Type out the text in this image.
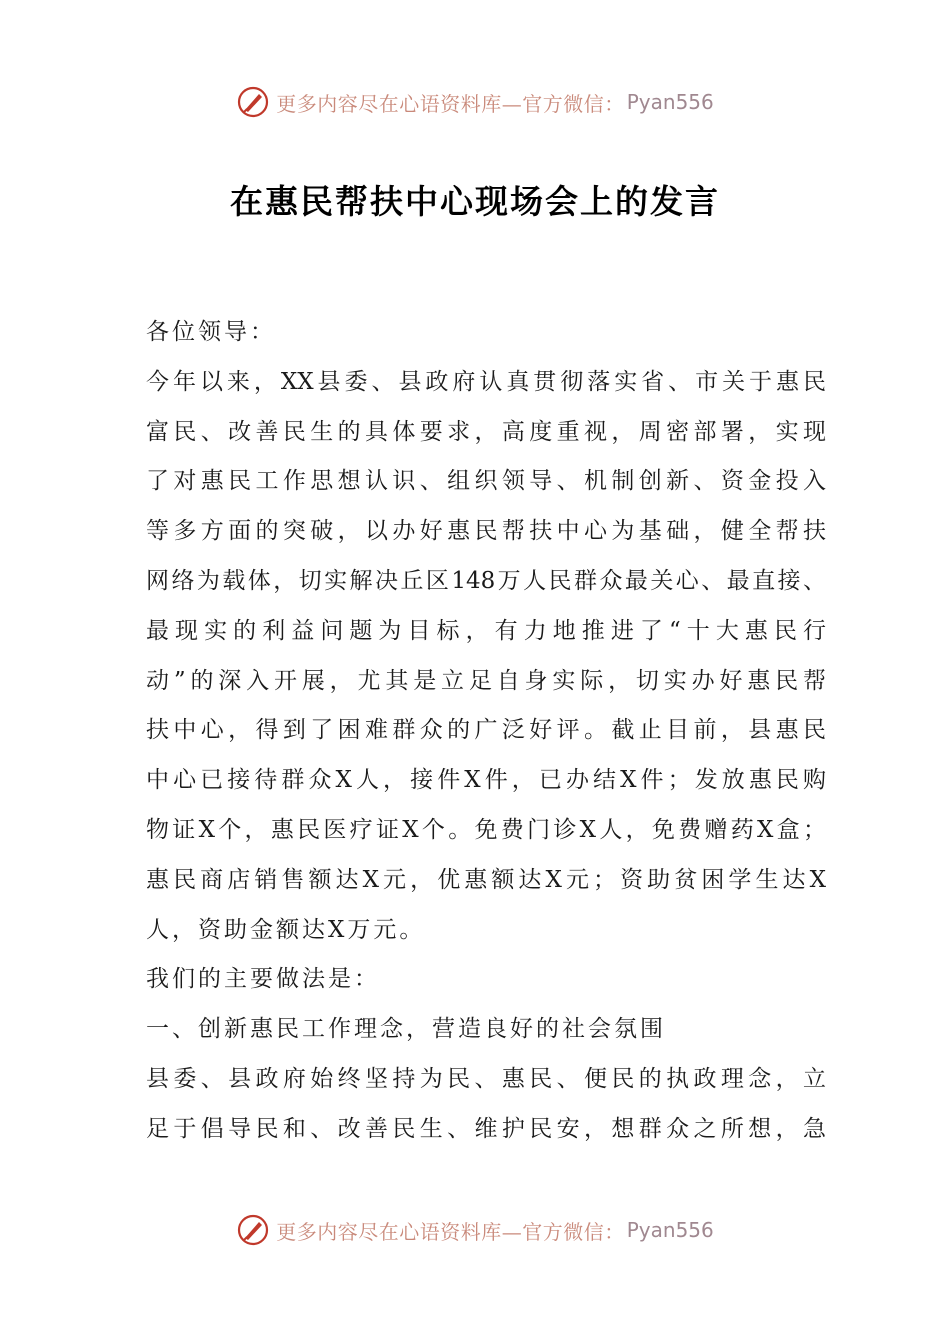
更多内容尽在心语资料库—官方微信： Pyan556
在惠民帮扶中心现场会上的发言
各位领导：
今年以来，XX县委、县政府认真贯彻落实省、市关于惠民
富民、改善民生的具体要求，高度重视，周密部署，实现
了对惠民工作思想认识、组织领导、机制创新、资金投入
等多方面的突破，以办好惠民帮扶中心为基础，健全帮扶
网络为载体，切实解决丘区148万人民群众最关心、最直接、
最现实的利益问题为目标，有力地推进了“十大惠民行
动”的深入开展，尤其是立足自身实际，切实办好惠民帮
扶中心，得到了困难群众的广泛好评。截止目前，县惠民
中心已接待群众X人，接件X件，已办结X件；发放惠民购
物证X个，惠民医疗证X个。免费门诊X人，免费赠药X盒；
惠民商店销售额达X元，优惠额达X元；资助贫困学生达X
人，资助金额达X万元。
我们的主要做法是：
一、创新惠民工作理念，营造良好的社会氛围
县委、县政府始终坚持为民、惠民、便民的执政理念，立
足于倡导民和、改善民生、维护民安，想群众之所想，急
更多内容尽在心语资料库—官方微信： Pyan556
